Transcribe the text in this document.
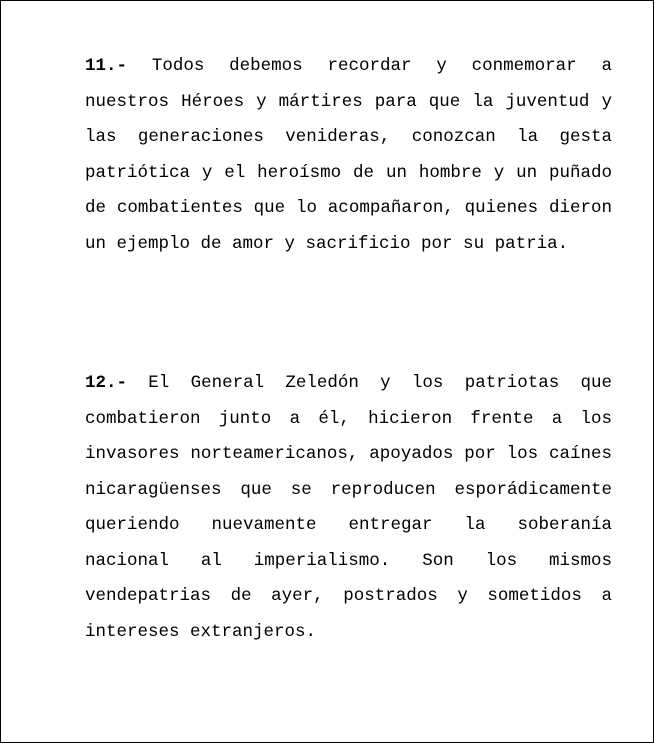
11.- Todos debemos recordar y conmemorar a nuestros Héroes y mártires para que la juventud y las generaciones venideras, conozcan la gesta patriótica y el heroísmo de un hombre y un puñado de combatientes que lo acompañaron, quienes dieron un ejemplo de amor y sacrificio por su patria.

12.- El General Zeledón y los patriotas que combatieron junto a él, hicieron frente a los invasores norteamericanos, apoyados por los caínes nicaragüenses que se reproducen esporádicamente queriendo nuevamente entregar la soberanía nacional al imperialismo. Son los mismos vendepatrias de ayer, postrados y sometidos a intereses extranjeros.
